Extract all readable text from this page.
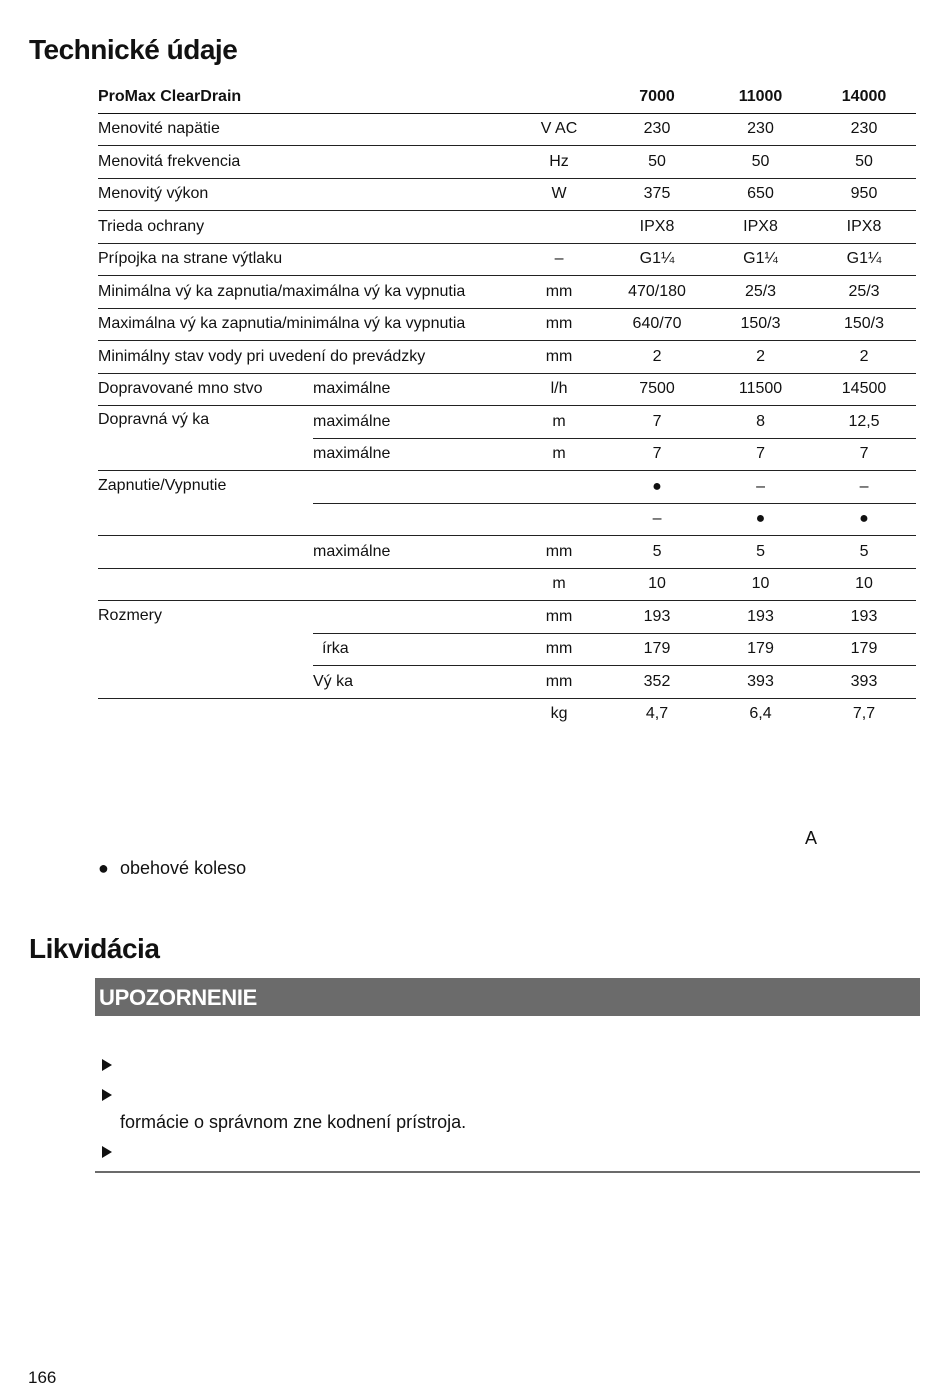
Technické údaje
ProMax ClearDrain			7000	11000	14000
Menovité napätie		V AC	230	230	230
Menovitá frekvencia		Hz	50	50	50
Menovitý výkon		W	375	650	950
Trieda ochrany			IPX8	IPX8	IPX8
Prípojka na strane výtlaku		–	G1¼	G1¼	G1¼
Minimálna vý ka zapnutia/maximálna vý ka vypnutia		mm	470/180	25/3	25/3
Maximálna vý ka zapnutia/minimálna vý ka vypnutia		mm	640/70	150/3	150/3
Minimálny stav vody pri uvedení do prevádzky		mm	2	2	2
Dopravované mno stvo	maximálne	l/h	7500	11500	14500
Dopravná vý ka	maximálne	m	7	8	12,5
	maximálne	m	7	7	7
Zapnutie/Vypnutie			●	–	–
			–	●	●
	maximálne	mm	5	5	5
		m	10	10	10
Rozmery		mm	193	193	193
	írka	mm	179	179	179
	Vý ka	mm	352	393	393
		kg	4,7	6,4	7,7
A
● obehové koleso
Likvidácia
UPOZORNENIE
formácie o správnom zne kodnení prístroja.
166
